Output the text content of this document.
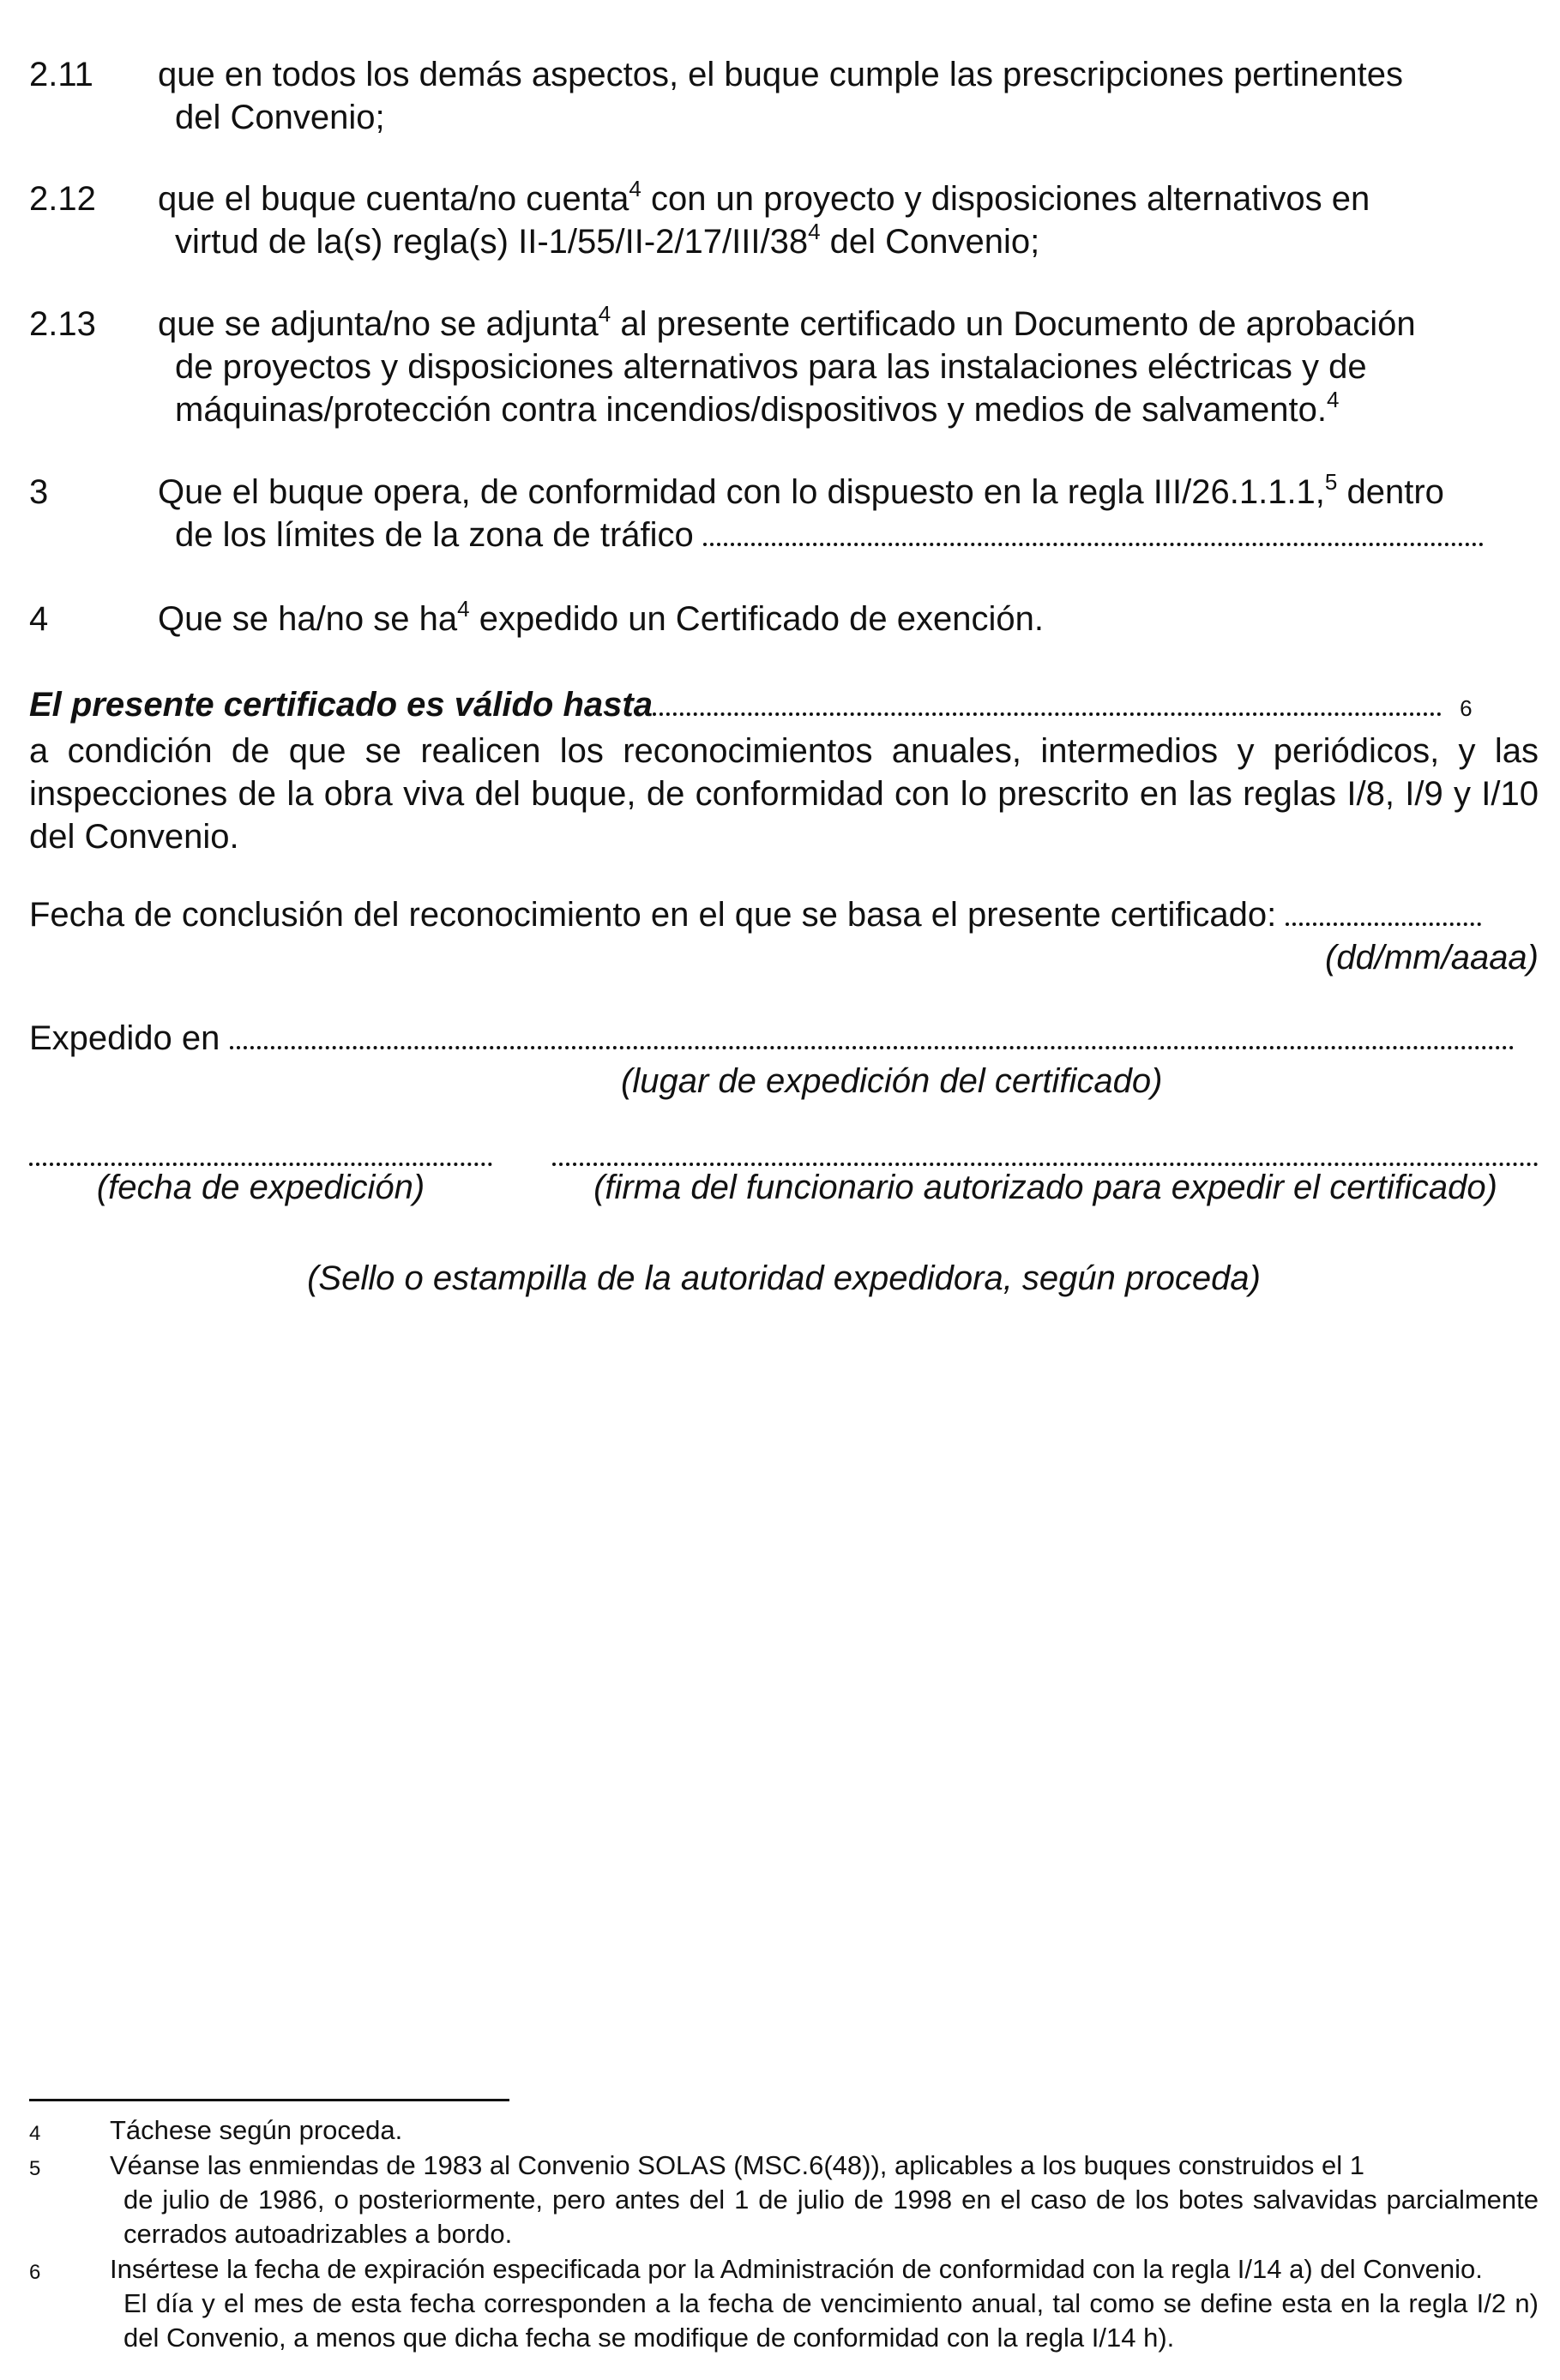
2.11	que en todos los demás aspectos, el buque cumple las prescripciones pertinentes
del Convenio;
2.12	que el buque cuenta/no cuenta$^4$ con un proyecto y disposiciones alternativos en
virtud de la(s) regla(s) $II-1/55/II-2/17/III/38^4$ del Convenio;
2.13	que se adjunta/no se adjunta$^4$ al presente certificado un Documento de aprobación
de proyectos y disposiciones alternativos para las instalaciones eléctricas y de
máquinas/protección contra incendios/dispositivos y medios de salvamento.$^4$
3	Que el buque opera, de conformidad con lo dispuesto en la regla III/26.1.1.1,$^5$ dentro
de los límites de la zona de tráfico
4	Que se ha/no se $ha^4$ expedido un Certificado de exención.
El presente certificado es válido hasta	6
a condición de que se realicen los reconocimientos anuales, intermedios y periódicos, y las inspecciones de la obra viva del buque, de conformidad con lo prescrito en las reglas I/8, I/9 y I/10 del Convenio.
Fecha de conclusión del reconocimiento en el que se basa el presente certificado:
(dd/mm/aaaa)
Expedido en
(lugar de expedición del certificado)
(fecha de expedición)	(firma del funcionario autorizado para expedir el certificado)
(Sello o estampilla de la autoridad expedidora, según proceda)
4	Táchese según proceda.
5	Véanse las enmiendas de 1983 al Convenio SOLAS (MSC.6(48)), aplicables a los buques construidos el 1
de julio de 1986, o posteriormente, pero antes del 1 de julio de 1998 en el caso de los botes salvavidas parcialmente cerrados autoadrizables a bordo.
6	Insértese la fecha de expiración especificada por la Administración de conformidad con la regla I/14 a) del Convenio.
El día y el mes de esta fecha corresponden a la fecha de vencimiento anual, tal como se define esta en la regla I/2 n) del Convenio, a menos que dicha fecha se modifique de conformidad con la regla I/14 h).
